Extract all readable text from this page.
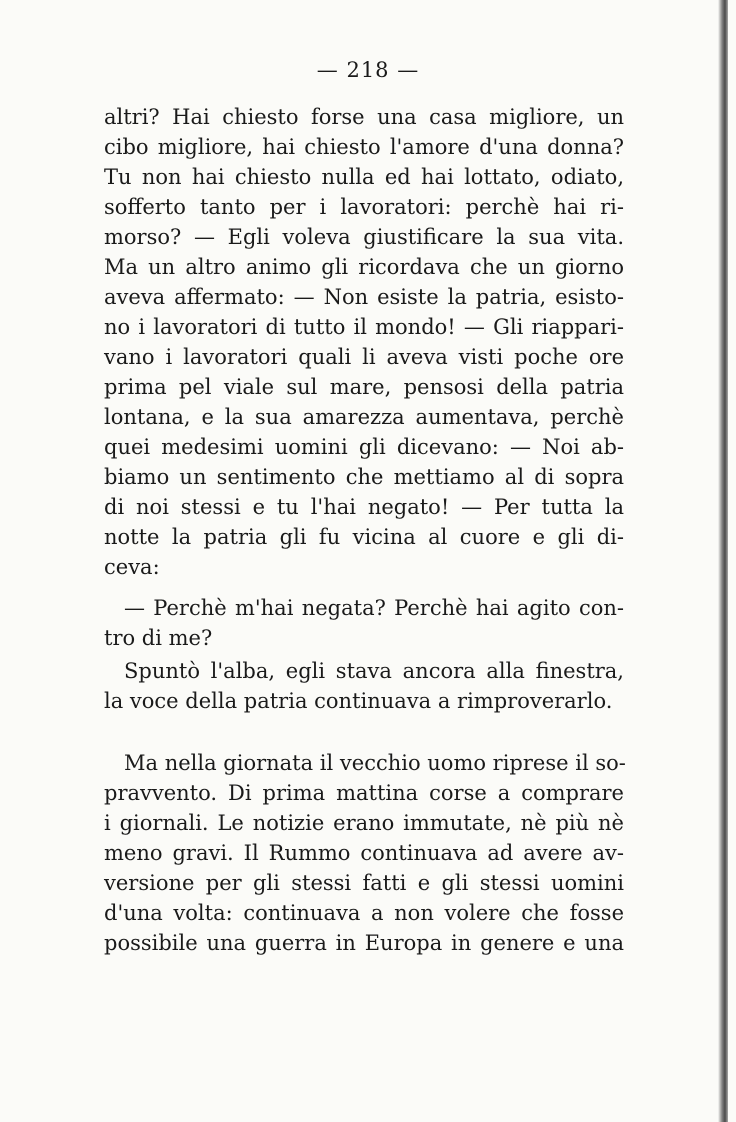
— 218 —
altri? Hai chiesto forse una casa migliore, un
cibo migliore, hai chiesto l'amore d'una donna?
Tu non hai chiesto nulla ed hai lottato, odiato,
sofferto tanto per i lavoratori: perchè hai ri-
morso? — Egli voleva giustificare la sua vita.
Ma un altro animo gli ricordava che un giorno
aveva affermato: — Non esiste la patria, esisto-
no i lavoratori di tutto il mondo! — Gli riappari-
vano i lavoratori quali li aveva visti poche ore
prima pel viale sul mare, pensosi della patria
lontana, e la sua amarezza aumentava, perchè
quei medesimi uomini gli dicevano: — Noi ab-
biamo un sentimento che mettiamo al di sopra
di noi stessi e tu l'hai negato! — Per tutta la
notte la patria gli fu vicina al cuore e gli di-
ceva:
— Perchè m'hai negata? Perchè hai agito con-
tro di me?
Spuntò l'alba, egli stava ancora alla finestra,
la voce della patria continuava a rimproverarlo.
Ma nella giornata il vecchio uomo riprese il so-
pravvento. Di prima mattina corse a comprare
i giornali. Le notizie erano immutate, nè più nè
meno gravi. Il Rummo continuava ad avere av-
versione per gli stessi fatti e gli stessi uomini
d'una volta: continuava a non volere che fosse
possibile una guerra in Europa in genere e una
